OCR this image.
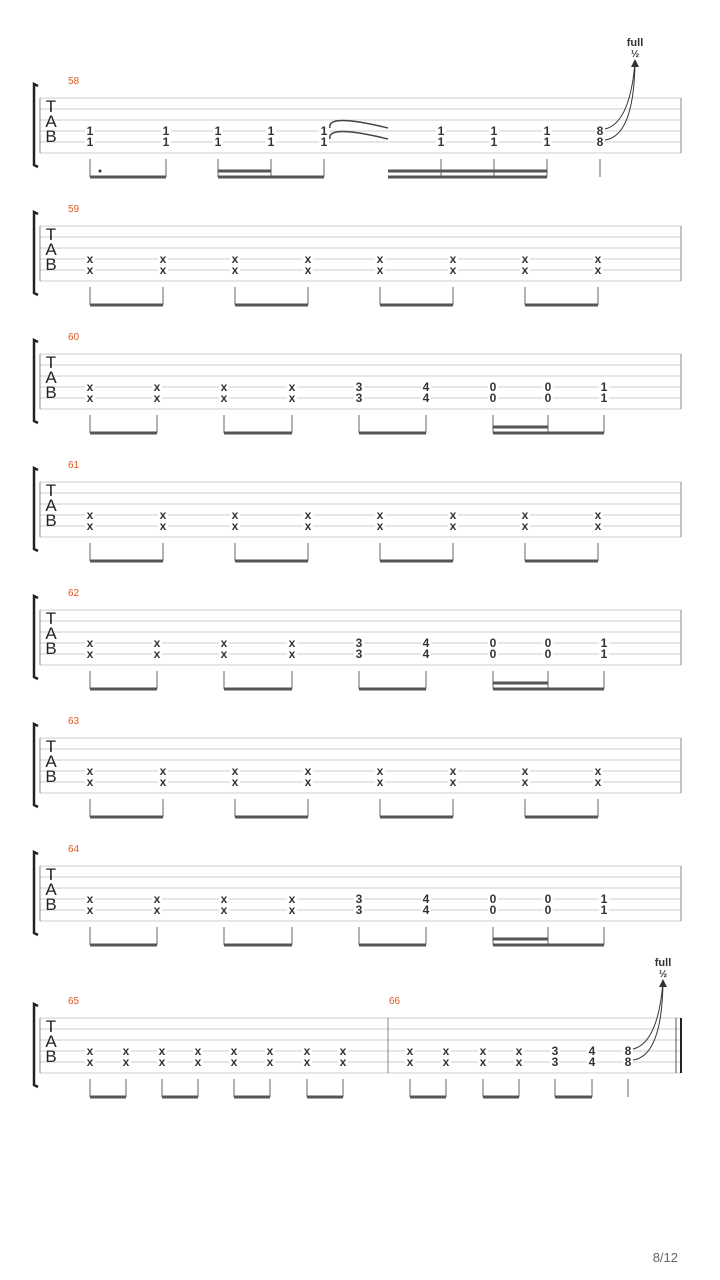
T
A
B
58
1
1
1
1
1
1
1
1
1
1
1
1
1
1
1
1
8
8
full
½
T
A
B
59
x
x
x
x
x
x
x
x
x
x
x
x
x
x
x
x
T
A
B
60
x
x
x
x
x
x
x
x
3
3
4
4
0
0
0
0
1
1
T
A
B
61
x
x
x
x
x
x
x
x
x
x
x
x
x
x
x
x
T
A
B
62
x
x
x
x
x
x
x
x
3
3
4
4
0
0
0
0
1
1
T
A
B
63
x
x
x
x
x
x
x
x
x
x
x
x
x
x
x
x
T
A
B
64
x
x
x
x
x
x
x
x
3
3
4
4
0
0
0
0
1
1
T
A
B
65
x
x
x
x
x
x
x
x
x
x
x
x
x
x
x
x
66
x
x
x
x
x
x
x
x
3
3
4
4
8
8
full
½
8/12
